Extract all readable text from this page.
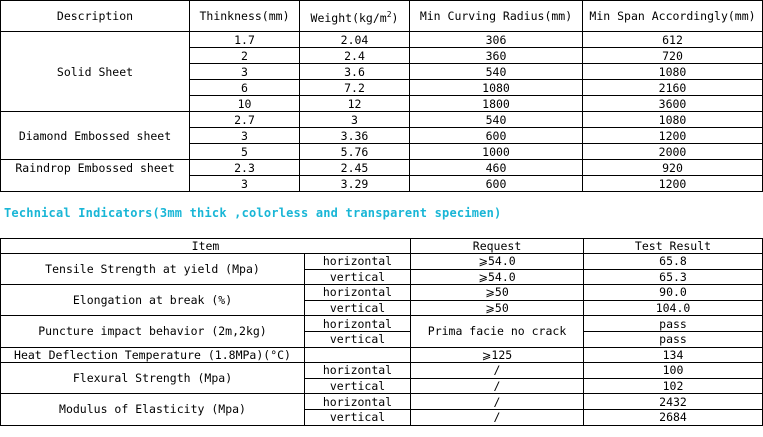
Description	Thinkness(mm)	$Weight(kg/m^2)$	Min Curving Radius(mm)	Min Span Accordingly(mm)
	1.7	2.04	306	612
	2	2.4	360	720
Solid Sheet	3	3.6	540	1080
	6	7.2	1080	2160
	10	12	1800	3600
	2.7	3	540	1080
Diamond Embossed sheet	3	3.36	600	1200
	5	5.76	1000	2000
Raindrop Embossed sheet	2.3	2.45	460	920
	3	3.29	600	1200
Technical Indicators(3mm thick ,colorless and transparent specimen)
Item		Request	Test Result
Tensile Strength at yield (Mpa)	horizontal	⩾54.0	65.8
	vertical	⩾54.0	65.3
Elongation at break (%)	horizontal	⩾50	90.0
	vertical	⩾50	104.0
Puncture impact behavior (2m,2kg)	horizontal	Prima facie no crack	pass
	vertical		pass
Heat Deflection Temperature (1.8MPa)(°C)		⩾125	134
Flexural Strength (Mpa)	horizontal	/	100
	vertical	/	102
Modulus of Elasticity (Mpa)	horizontal	/	2432
	vertical	/	2684
